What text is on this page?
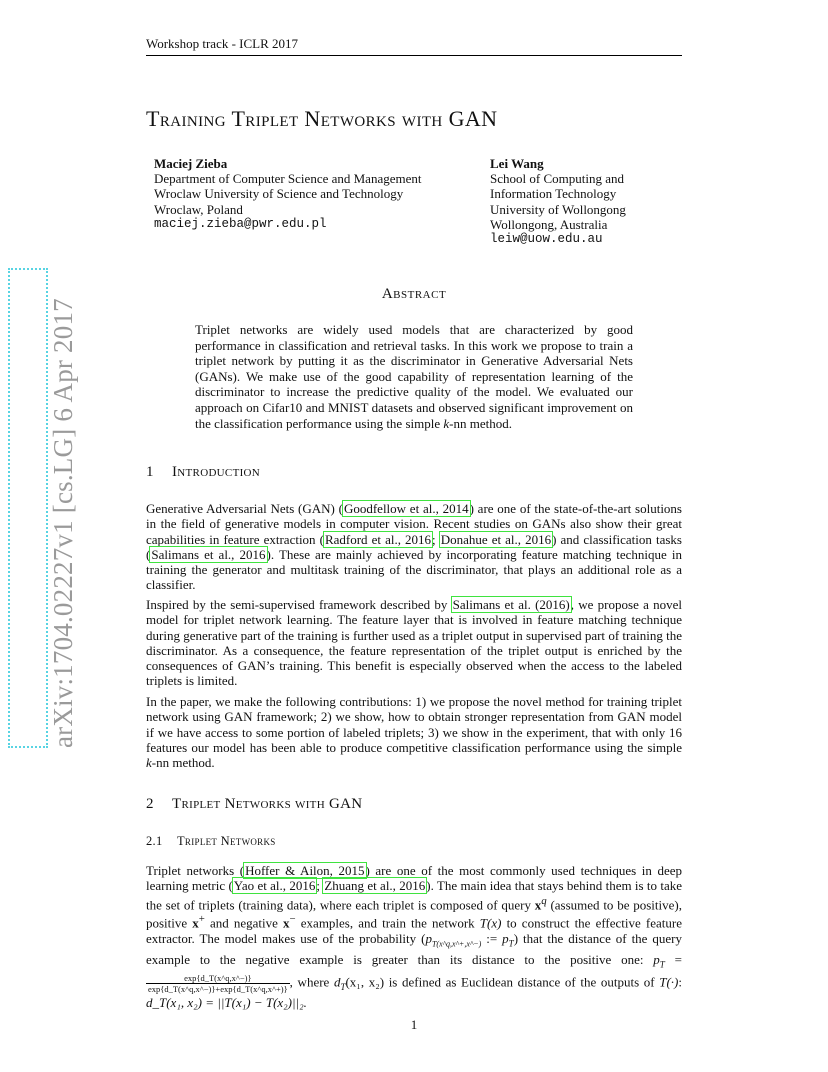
Workshop track - ICLR 2017
arXiv:1704.02227v1 [cs.LG] 6 Apr 2017
Training Triplet Networks with GAN
Maciej Zieba
Department of Computer Science and Management
Wroclaw University of Science and Technology
Wroclaw, Poland
maciej.zieba@pwr.edu.pl
Lei Wang
School of Computing and
Information Technology
University of Wollongong
Wollongong, Australia
leiw@uow.edu.au
Abstract
Triplet networks are widely used models that are characterized by good performance in classification and retrieval tasks. In this work we propose to train a triplet network by putting it as the discriminator in Generative Adversarial Nets (GANs). We make use of the good capability of representation learning of the discriminator to increase the predictive quality of the model. We evaluated our approach on Cifar10 and MNIST datasets and observed significant improvement on the classification performance using the simple k-nn method.
1 Introduction
Generative Adversarial Nets (GAN) (Goodfellow et al., 2014) are one of the state-of-the-art solutions in the field of generative models in computer vision. Recent studies on GANs also show their great capabilities in feature extraction (Radford et al., 2016; Donahue et al., 2016) and classification tasks (Salimans et al., 2016). These are mainly achieved by incorporating feature matching technique in training the generator and multitask training of the discriminator, that plays an additional role as a classifier.
Inspired by the semi-supervised framework described by Salimans et al. (2016), we propose a novel model for triplet network learning. The feature layer that is involved in feature matching technique during generative part of the training is further used as a triplet output in supervised part of training the discriminator. As a consequence, the feature representation of the triplet output is enriched by the consequences of GAN’s training. This benefit is especially observed when the access to the labeled triplets is limited.
In the paper, we make the following contributions: 1) we propose the novel method for training triplet network using GAN framework; 2) we show, how to obtain stronger representation from GAN model if we have access to some portion of labeled triplets; 3) we show in the experiment, that with only 16 features our model has been able to produce competitive classification performance using the simple k-nn method.
2 Triplet Networks with GAN
2.1 Triplet Networks
Triplet networks (Hoffer & Ailon, 2015) are one of the most commonly used techniques in deep learning metric (Yao et al., 2016; Zhuang et al., 2016). The main idea that stays behind them is to take the set of triplets (training data), where each triplet is composed of query $x^q$ (assumed to be positive), positive x+ and negative x− examples, and train the network T(x) to construct the effective feature extractor. The model makes use of the probability ($p_{T(x\^{}q,x\^{}+,x\^{}-)}$ := $p_T$) that the distance of the query example to the negative example is greater than its distance to the positive one: $p_T$ =
$\frac{\exp\{d\_T(x\^{}q,x\^{}-)\}}{\exp\{d\_T(x\^{}q,x\^{}-)\}+\exp\{d\_T(x\^{}q,x\^{}+)\}}$ , where $d_T(x_1$, x₂) is defined as Euclidean distance of the outputs of T(·): d_T(x₁, x₂) = ||T(x₁) − T(x₂)||₂.
1
